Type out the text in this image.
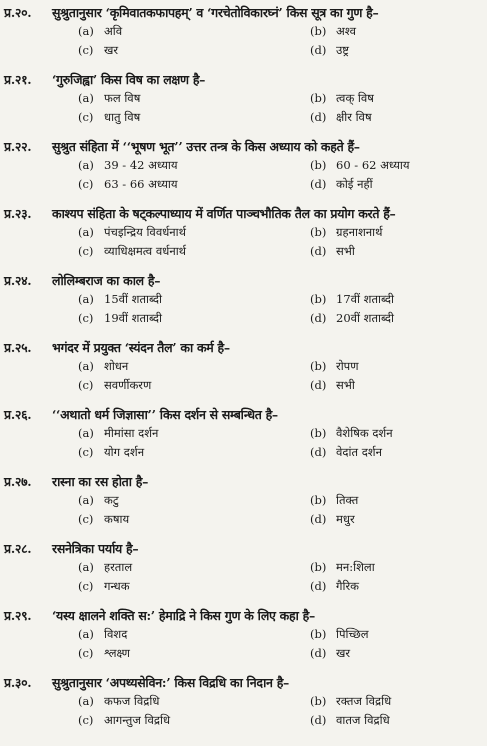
प्र.२०. सुश्रुतानुसार ‘कृमिवातकफापहम्’ व ‘गरचेतोविकारघ्नं’ किस सूत्र का गुण है–
(a) अवि	(b) अश्व
(c) खर	(d) उष्ट्र
प्र.२१. ‘गुरुजिह्वा’ किस विष का लक्षण है–
(a) फल विष	(b) त्वक् विष
(c) धातु विष	(d) क्षीर विष
प्र.२२. सुश्रुत संहिता में ‘‘भूषण भूत’’ उत्तर तन्त्र के किस अध्याय को कहते हैं–
(a) 39 - 42 अध्याय	(b) 60 - 62 अध्याय
(c) 63 - 66 अध्याय	(d) कोई नहीं
प्र.२३. काश्यप संहिता के षट्कल्पाध्याय में वर्णित पाञ्चभौतिक तैल का प्रयोग करते हैं–
(a) पंचइन्द्रिय विवर्धनार्थ	(b) ग्रहनाशनार्थ
(c) व्याधिक्षमत्व वर्धनार्थ	(d) सभी
प्र.२४. लोलिम्बराज का काल है–
(a) 15वीं शताब्दी	(b) 17वीं शताब्दी
(c) 19वीं शताब्दी	(d) 20वीं शताब्दी
प्र.२५. भगंदर में प्रयुक्त ‘स्यंदन तैल’ का कर्म है–
(a) शोधन	(b) रोपण
(c) सवर्णीकरण	(d) सभी
प्र.२६. ‘‘अथातो धर्म जिज्ञासा’’ किस दर्शन से सम्बन्धित है–
(a) मीमांसा दर्शन	(b) वैशेषिक दर्शन
(c) योग दर्शन	(d) वेदांत दर्शन
प्र.२७. रास्ना का रस होता है–
(a) कटु	(b) तिक्त
(c) कषाय	(d) मधुर
प्र.२८. रसनेत्रिका पर्याय है–
(a) हरताल	(b) मन:शिला
(c) गन्धक	(d) गैरिक
प्र.२९. ‘यस्य क्षालने शक्ति स:’ हेमाद्रि ने किस गुण के लिए कहा है–
(a) विशद	(b) पिच्छिल
(c) श्लक्ष्ण	(d) खर
प्र.३०. सुश्रुतानुसार ‘अपथ्यसेविन:’ किस विद्रधि का निदान है–
(a) कफज विद्रधि	(b) रक्तज विद्रधि
(c) आगन्तुज विद्रधि	(d) वातज विद्रधि
